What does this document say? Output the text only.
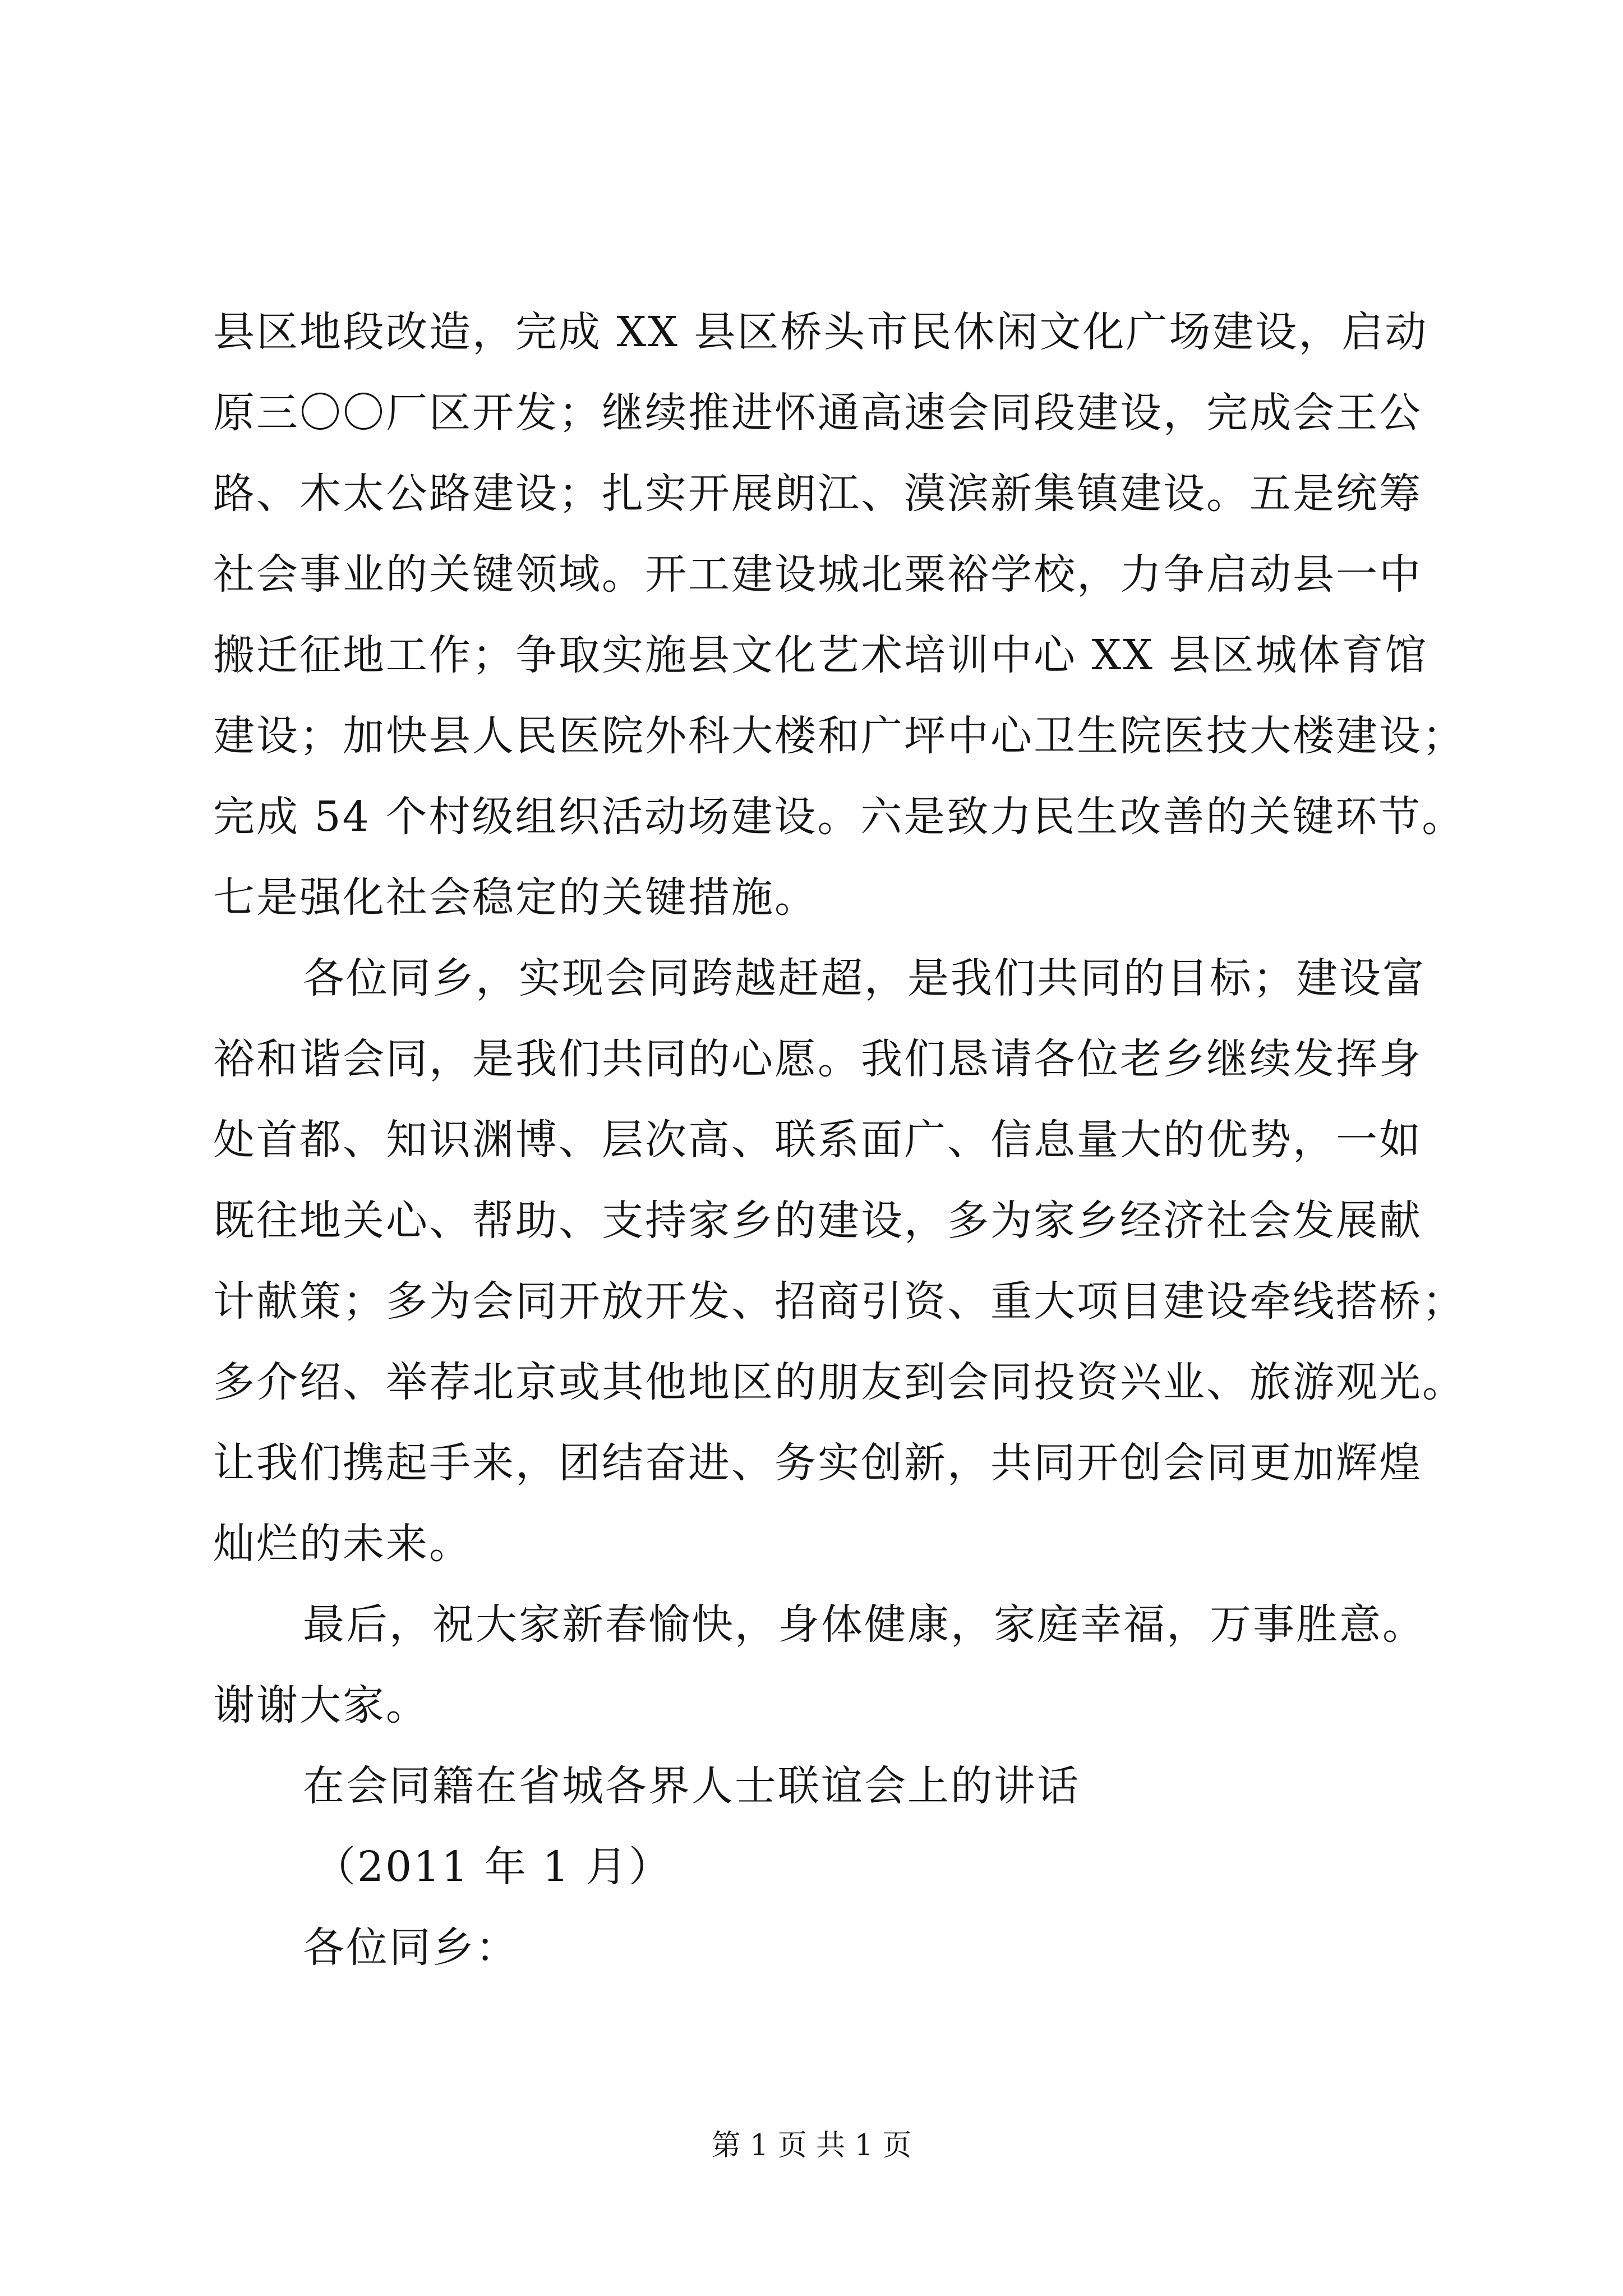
县区地段改造，完成 XX 县区桥头市民休闲文化广场建设，启动
原三〇〇厂区开发；继续推进怀通高速会同段建设，完成会王公
路、木太公路建设；扎实开展朗江、漠滨新集镇建设。五是统筹
社会事业的关键领域。开工建设城北粟裕学校，力争启动县一中
搬迁征地工作；争取实施县文化艺术培训中心 XX 县区城体育馆
建设；加快县人民医院外科大楼和广坪中心卫生院医技大楼建设；
完成 54 个村级组织活动场建设。六是致力民生改善的关键环节。
七是强化社会稳定的关键措施。
各位同乡，实现会同跨越赶超，是我们共同的目标；建设富
裕和谐会同，是我们共同的心愿。我们恳请各位老乡继续发挥身
处首都、知识渊博、层次高、联系面广、信息量大的优势，一如
既往地关心、帮助、支持家乡的建设，多为家乡经济社会发展献
计献策；多为会同开放开发、招商引资、重大项目建设牵线搭桥；
多介绍、举荐北京或其他地区的朋友到会同投资兴业、旅游观光。
让我们携起手来，团结奋进、务实创新，共同开创会同更加辉煌
灿烂的未来。
最后，祝大家新春愉快，身体健康，家庭幸福，万事胜意。
谢谢大家。
在会同籍在省城各界人士联谊会上的讲话
（2011 年 1 月）
各位同乡：
第 1 页 共 1 页
